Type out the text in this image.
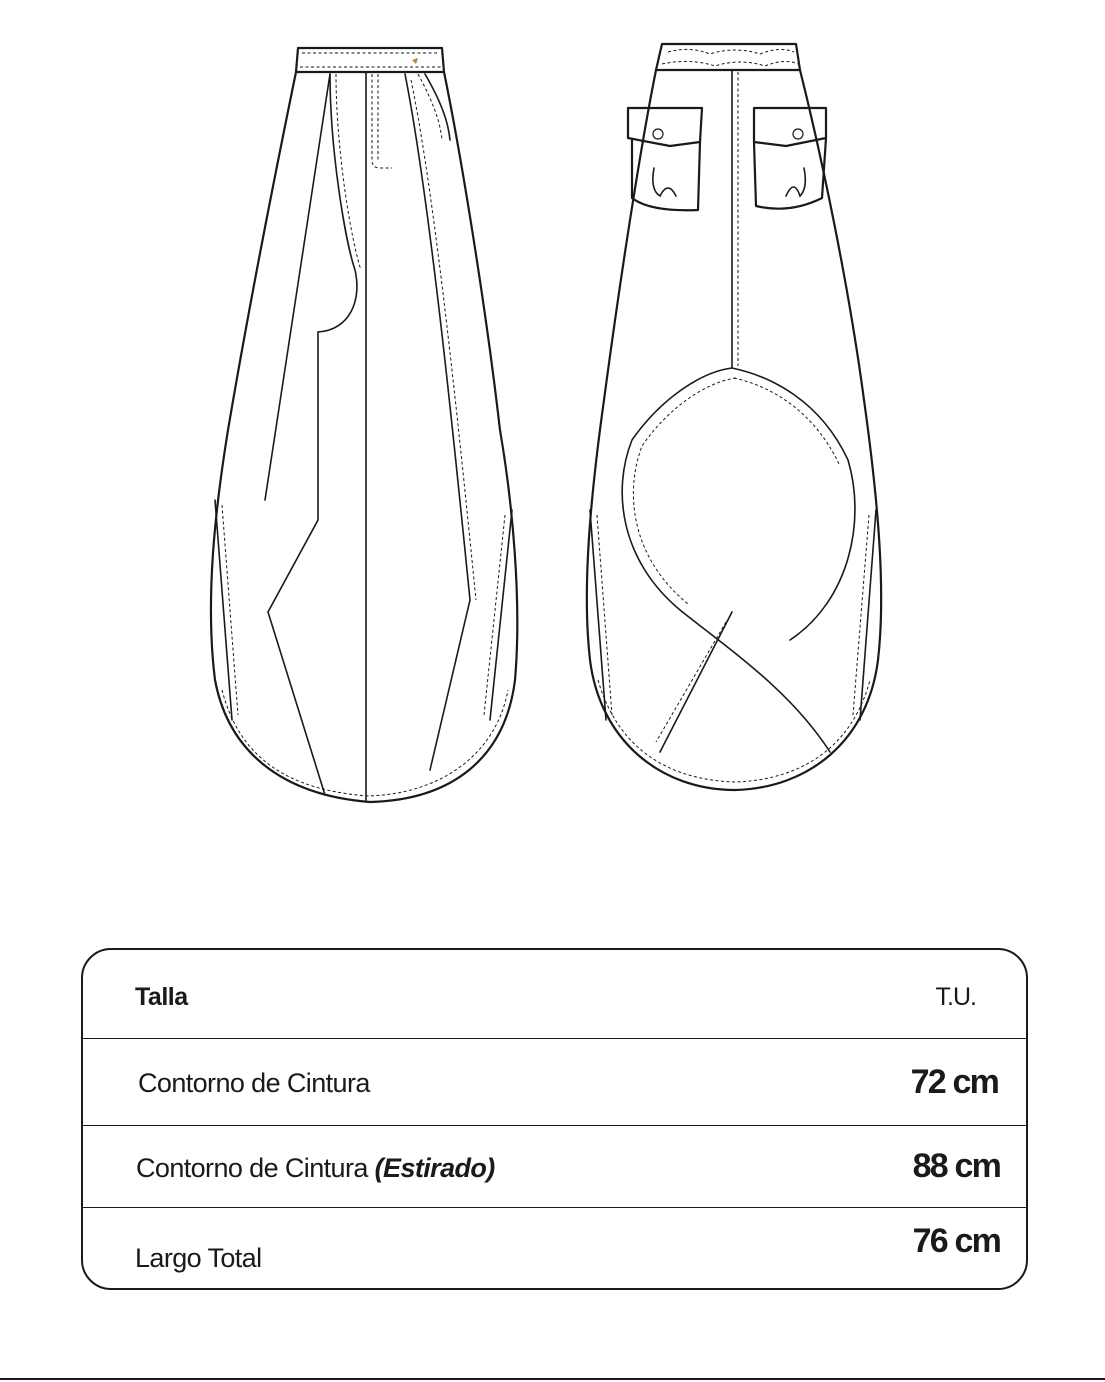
Talla	T.U.
Contorno de Cintura	72 cm
Contorno de Cintura (Estirado)	88 cm
Largo Total	76 cm
